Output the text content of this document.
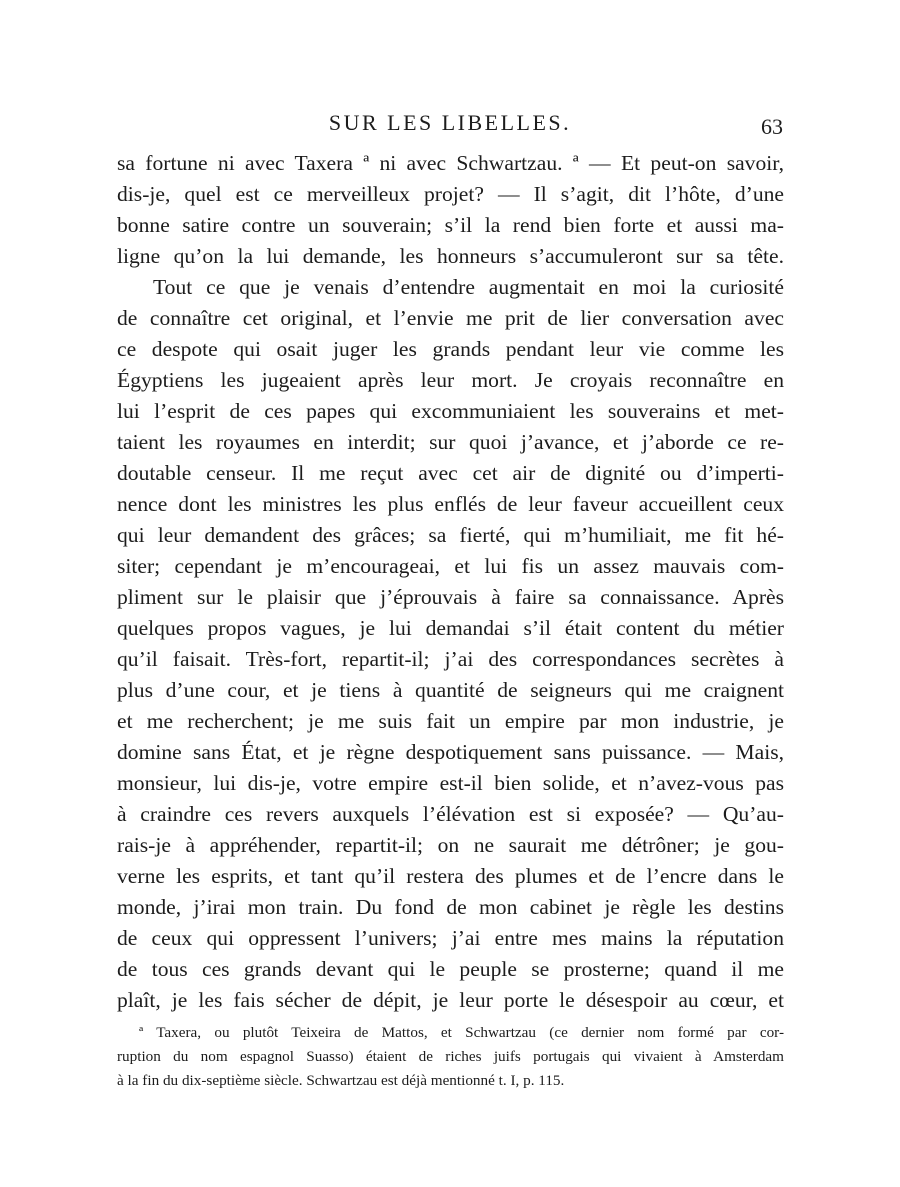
SUR LES LIBELLES.	63
sa fortune ni avec Taxera ª ni avec Schwartzau. ª — Et peut-on savoir,
dis-je, quel est ce merveilleux projet? — Il s’agit, dit l’hôte, d’une
bonne satire contre un souverain; s’il la rend bien forte et aussi ma-
ligne qu’on la lui demande, les honneurs s’accumuleront sur sa tête.
Tout ce que je venais d’entendre augmentait en moi la curiosité
de connaître cet original, et l’envie me prit de lier conversation avec
ce despote qui osait juger les grands pendant leur vie comme les
Égyptiens les jugeaient après leur mort. Je croyais reconnaître en
lui l’esprit de ces papes qui excommuniaient les souverains et met-
taient les royaumes en interdit; sur quoi j’avance, et j’aborde ce re-
doutable censeur. Il me reçut avec cet air de dignité ou d’imperti-
nence dont les ministres les plus enflés de leur faveur accueillent ceux
qui leur demandent des grâces; sa fierté, qui m’humiliait, me fit hé-
siter; cependant je m’encourageai, et lui fis un assez mauvais com-
pliment sur le plaisir que j’éprouvais à faire sa connaissance. Après
quelques propos vagues, je lui demandai s’il était content du métier
qu’il faisait. Très-fort, repartit-il; j’ai des correspondances secrètes à
plus d’une cour, et je tiens à quantité de seigneurs qui me craignent
et me recherchent; je me suis fait un empire par mon industrie, je
domine sans État, et je règne despotiquement sans puissance. — Mais,
monsieur, lui dis-je, votre empire est-il bien solide, et n’avez-vous pas
à craindre ces revers auxquels l’élévation est si exposée? — Qu’au-
rais-je à appréhender, repartit-il; on ne saurait me détrôner; je gou-
verne les esprits, et tant qu’il restera des plumes et de l’encre dans le
monde, j’irai mon train. Du fond de mon cabinet je règle les destins
de ceux qui oppressent l’univers; j’ai entre mes mains la réputation
de tous ces grands devant qui le peuple se prosterne; quand il me
plaît, je les fais sécher de dépit, je leur porte le désespoir au cœur, et
ª Taxera, ou plutôt Teixeira de Mattos, et Schwartzau (ce dernier nom formé par cor-
ruption du nom espagnol Suasso) étaient de riches juifs portugais qui vivaient à Amsterdam
à la fin du dix-septième siècle. Schwartzau est déjà mentionné t. I, p. 115.
